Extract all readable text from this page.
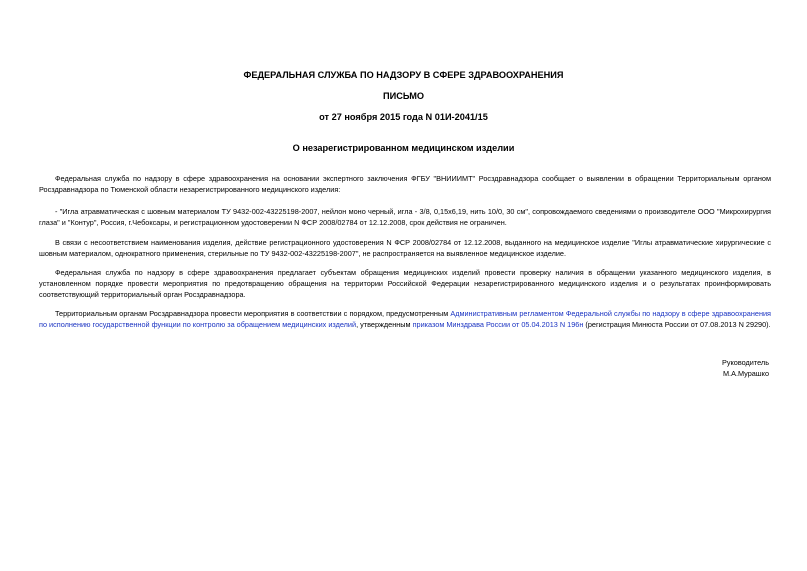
ФЕДЕРАЛЬНАЯ СЛУЖБА ПО НАДЗОРУ В СФЕРЕ ЗДРАВООХРАНЕНИЯ
ПИСЬМО
от 27 ноября 2015 года N 01И-2041/15
О незарегистрированном медицинском изделии
Федеральная служба по надзору в сфере здравоохранения на основании экспертного заключения ФГБУ "ВНИИИМТ" Росздравнадзора сообщает о выявлении в обращении Территориальным органом Росздравнадзора по Тюменской области незарегистрированного медицинского изделия:
- "Игла атравматическая с шовным материалом ТУ 9432-002-43225198-2007, нейлон моно черный, игла - 3/8, 0,15х6,19, нить 10/0, 30 см", сопровождаемого сведениями о производителе ООО "Микрохирургия глаза" и "Контур", Россия, г.Чебоксары, и регистрационном удостоверении N ФСР 2008/02784 от 12.12.2008, срок действия не ограничен.
В связи с несоответствием наименования изделия, действие регистрационного удостоверения N ФСР 2008/02784 от 12.12.2008, выданного на медицинское изделие "Иглы атравматические хирургические с шовным материалом, однократного применения, стерильные по ТУ 9432-002-43225198-2007", не распространяется на выявленное медицинское изделие.
Федеральная служба по надзору в сфере здравоохранения предлагает субъектам обращения медицинских изделий провести проверку наличия в обращении указанного медицинского изделия, в установленном порядке провести мероприятия по предотвращению обращения на территории Российской Федерации незарегистрированного медицинского изделия и о результатах проинформировать соответствующий территориальный орган Росздравнадзора.
Территориальным органам Росздравнадзора провести мероприятия в соответствии с порядком, предусмотренным Административным регламентом Федеральной службы по надзору в сфере здравоохранения по исполнению государственной функции по контролю за обращением медицинских изделий, утвержденным приказом Минздрава России от 05.04.2013 N 196н (регистрация Минюста России от 07.08.2013 N 29290).
Руководитель
М.А.Мурашко
